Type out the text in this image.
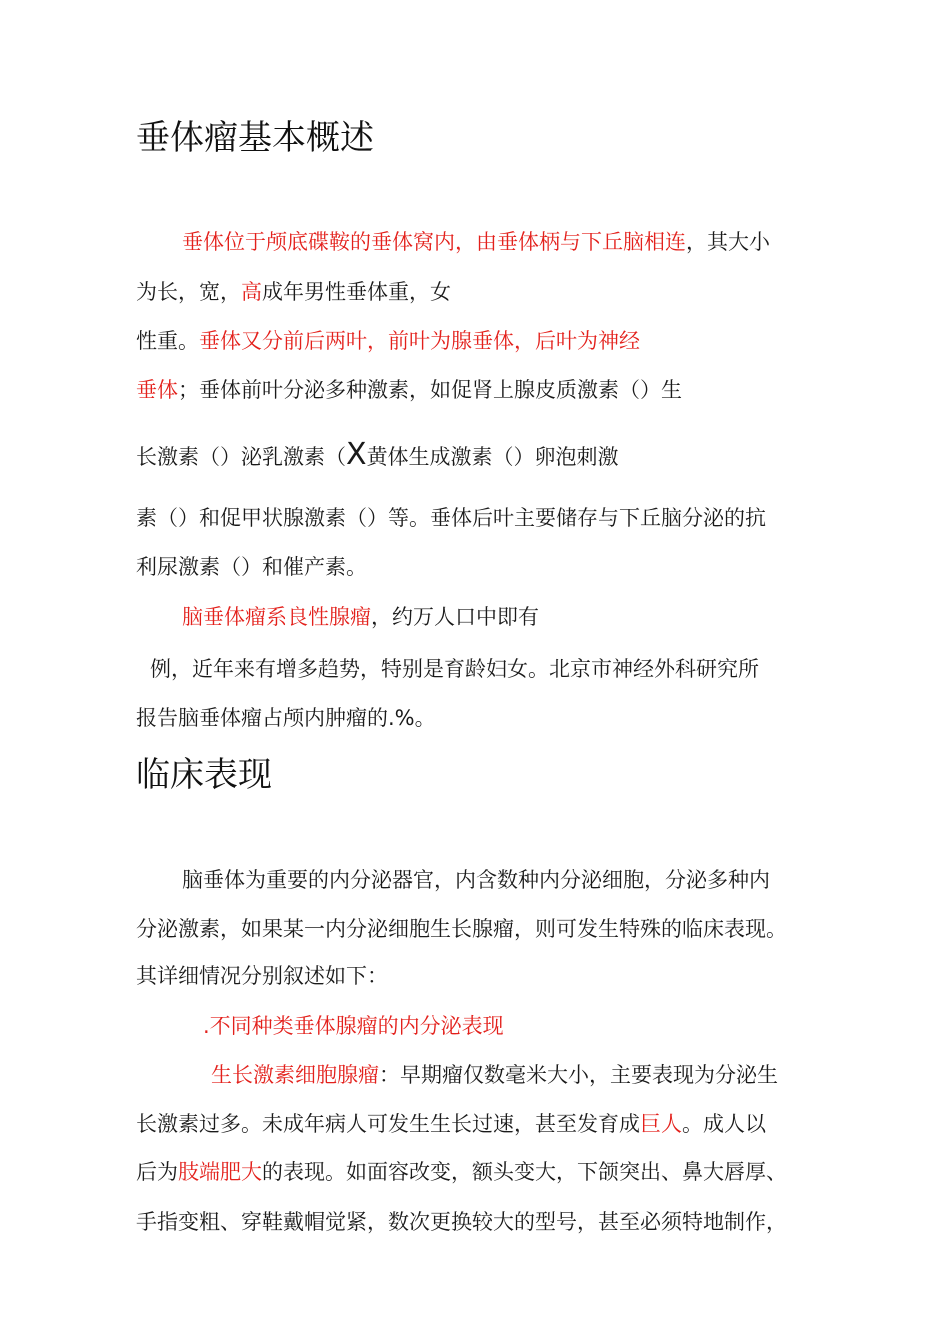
垂体瘤基本概述
垂体位于颅底碟鞍的垂体窝内，由垂体柄与下丘脑相连，其大小
为长，宽，高成年男性垂体重，女
性重。垂体又分前后两叶，前叶为腺垂体，后叶为神经
垂体；垂体前叶分泌多种激素，如促肾上腺皮质激素（）生
长激素（）泌乳激素（X黄体生成激素（）卵泡刺激
素（）和促甲状腺激素（）等。垂体后叶主要储存与下丘脑分泌的抗
利尿激素（）和催产素。
脑垂体瘤系良性腺瘤，约万人口中即有
例，近年来有增多趋势，特别是育龄妇女。北京市神经外科研究所
报告脑垂体瘤占颅内肿瘤的.%。
临床表现
脑垂体为重要的内分泌器官，内含数种内分泌细胞，分泌多种内
分泌激素，如果某一内分泌细胞生长腺瘤，则可发生特殊的临床表现。
其详细情况分别叙述如下：
.不同种类垂体腺瘤的内分泌表现
生长激素细胞腺瘤：早期瘤仅数毫米大小，主要表现为分泌生
长激素过多。未成年病人可发生生长过速，甚至发育成巨人。成人以
后为肢端肥大的表现。如面容改变，额头变大，下颌突出、鼻大唇厚、
手指变粗、穿鞋戴帽觉紧，数次更换较大的型号，甚至必须特地制作，
